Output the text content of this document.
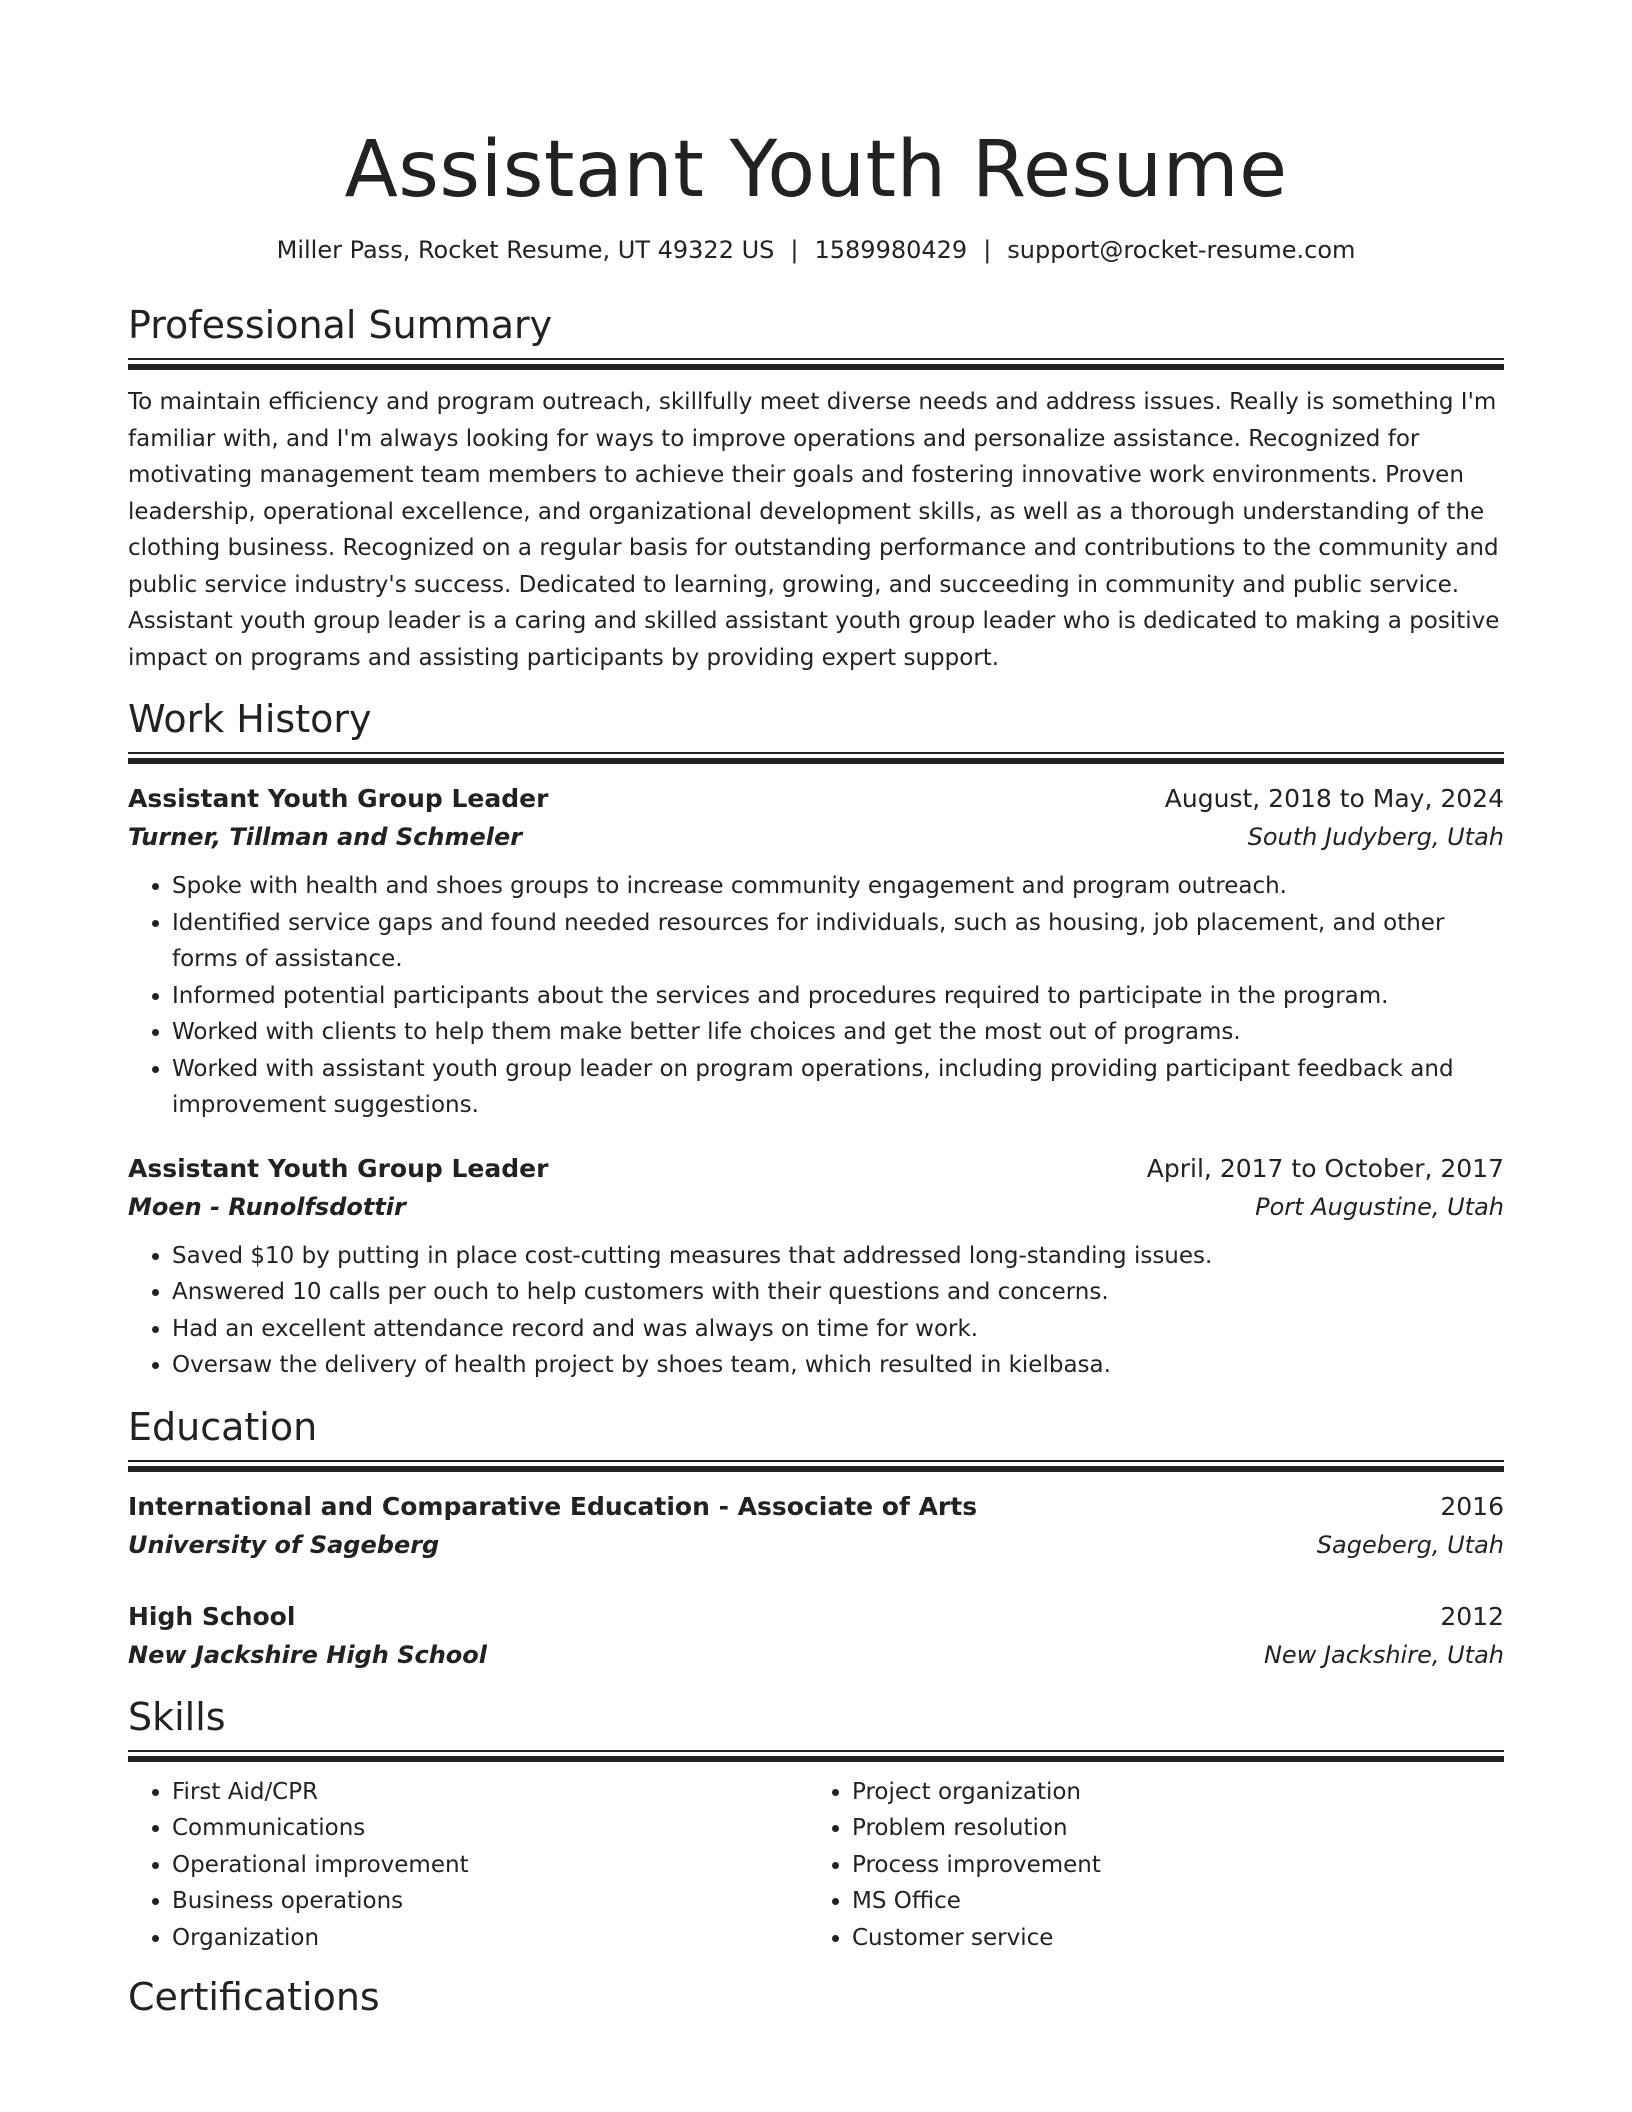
Assistant Youth Resume
Miller Pass, Rocket Resume, UT 49322 US | 1589980429 | support@rocket-resume.com
Professional Summary

To maintain efficiency and program outreach, skillfully meet diverse needs and address issues. Really is something I'm familiar with, and I'm always looking for ways to improve operations and personalize assistance. Recognized for motivating management team members to achieve their goals and fostering innovative work environments. Proven leadership, operational excellence, and organizational development skills, as well as a thorough understanding of the clothing business. Recognized on a regular basis for outstanding performance and contributions to the community and public service industry's success. Dedicated to learning, growing, and succeeding in community and public service. Assistant youth group leader is a caring and skilled assistant youth group leader who is dedicated to making a positive impact on programs and assisting participants by providing expert support.

Work History
Assistant Youth Group Leader	August, 2018 to May, 2024
Turner, Tillman and Schmeler	South Judyberg, Utah
• Spoke with health and shoes groups to increase community engagement and program outreach.
• Identified service gaps and found needed resources for individuals, such as housing, job placement, and other forms of assistance.
• Informed potential participants about the services and procedures required to participate in the program.
• Worked with clients to help them make better life choices and get the most out of programs.
• Worked with assistant youth group leader on program operations, including providing participant feedback and improvement suggestions.
Assistant Youth Group Leader	April, 2017 to October, 2017
Moen - Runolfsdottir	Port Augustine, Utah
• Saved $10 by putting in place cost-cutting measures that addressed long-standing issues.
• Answered 10 calls per ouch to help customers with their questions and concerns.
• Had an excellent attendance record and was always on time for work.
• Oversaw the delivery of health project by shoes team, which resulted in kielbasa.
Education
International and Comparative Education - Associate of Arts	2016
University of Sageberg	Sageberg, Utah
High School	2012
New Jackshire High School	New Jackshire, Utah
Skills
• First Aid/CPR
• Communications
• Operational improvement
• Business operations
• Organization
• Project organization
• Problem resolution
• Process improvement
• MS Office
• Customer service
Certifications
